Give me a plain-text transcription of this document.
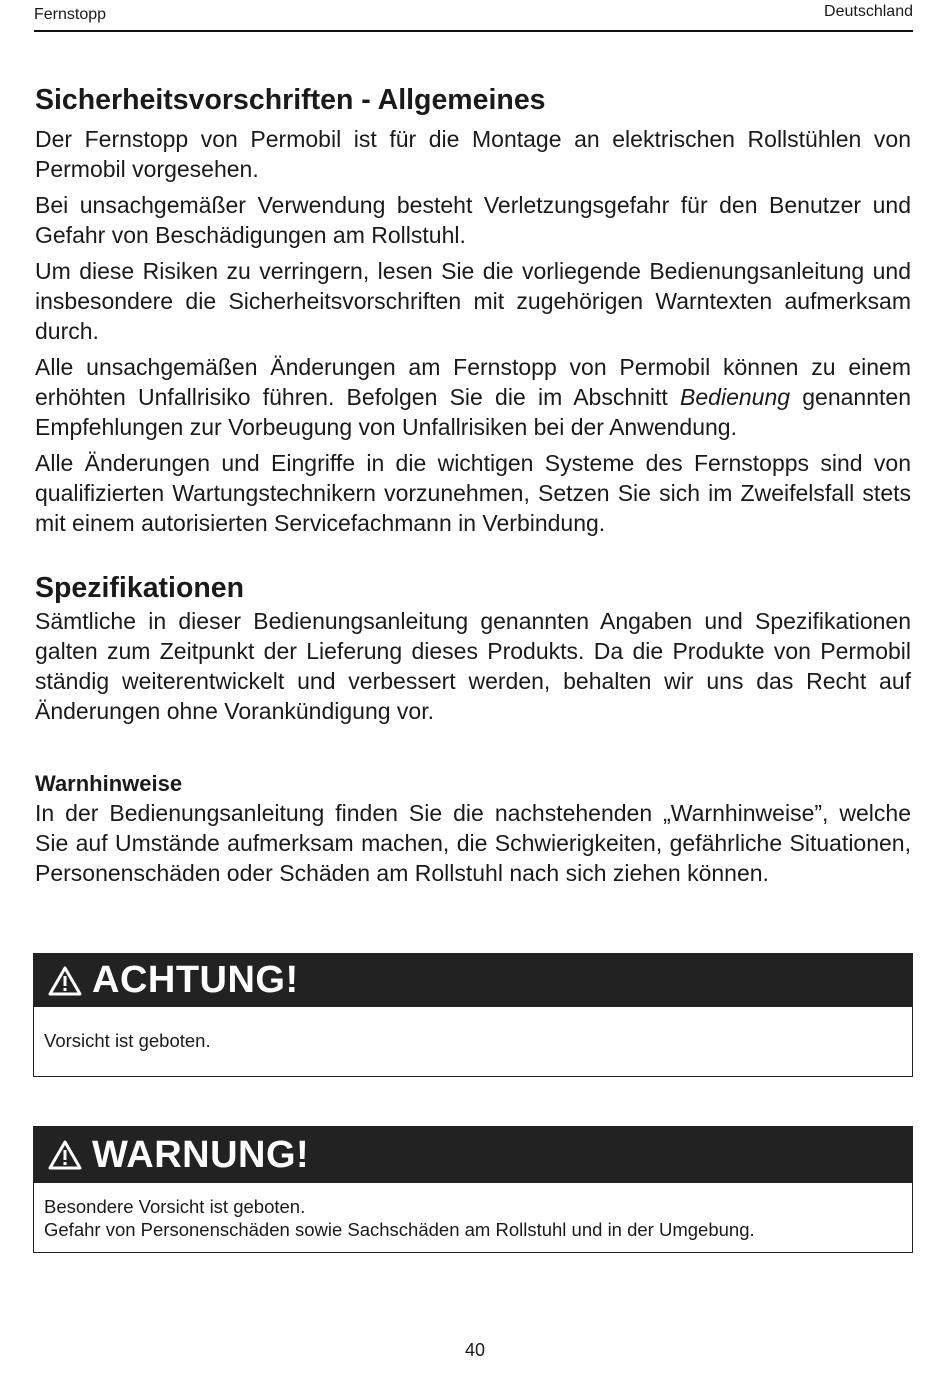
Fernstopp	Deutschland
Sicherheitsvorschriften - Allgemeines

Der Fernstopp von Permobil ist für die Montage an elektrischen Rollstühlen von Permobil vorgesehen.

Bei unsachgemäßer Verwendung besteht Verletzungsgefahr für den Benutzer und Gefahr von Beschädigungen am Rollstuhl.

Um diese Risiken zu verringern, lesen Sie die vorliegende Bedienungsanleitung und insbesondere die Sicherheitsvorschriften mit zugehörigen Warntexten aufmerksam durch.

Alle unsachgemäßen Änderungen am Fernstopp von Permobil können zu einem erhöhten Unfallrisiko führen. Befolgen Sie die im Abschnitt Bedienung genannten Empfehlungen zur Vorbeugung von Unfallrisiken bei der Anwendung.

Alle Änderungen und Eingriffe in die wichtigen Systeme des Fernstopps sind von qualifizierten Wartungstechnikern vorzunehmen, Setzen Sie sich im Zweifelsfall stets mit einem autorisierten Servicefachmann in Verbindung.

Spezifikationen

Sämtliche in dieser Bedienungsanleitung genannten Angaben und Spezifikationen galten zum Zeitpunkt der Lieferung dieses Produkts. Da die Produkte von Permobil ständig weiterentwickelt und verbessert werden, behalten wir uns das Recht auf Änderungen ohne Vorankündigung vor.

Warnhinweise

In der Bedienungsanleitung finden Sie die nachstehenden „Warnhinweise”, welche Sie auf Umstände aufmerksam machen, die Schwierigkeiten, gefährliche Situationen, Personenschäden oder Schäden am Rollstuhl nach sich ziehen können.

ACHTUNG!
Vorsicht ist geboten.
WARNUNG!
Besondere Vorsicht ist geboten.
Gefahr von Personenschäden sowie Sachschäden am Rollstuhl und in der Umgebung.
40
